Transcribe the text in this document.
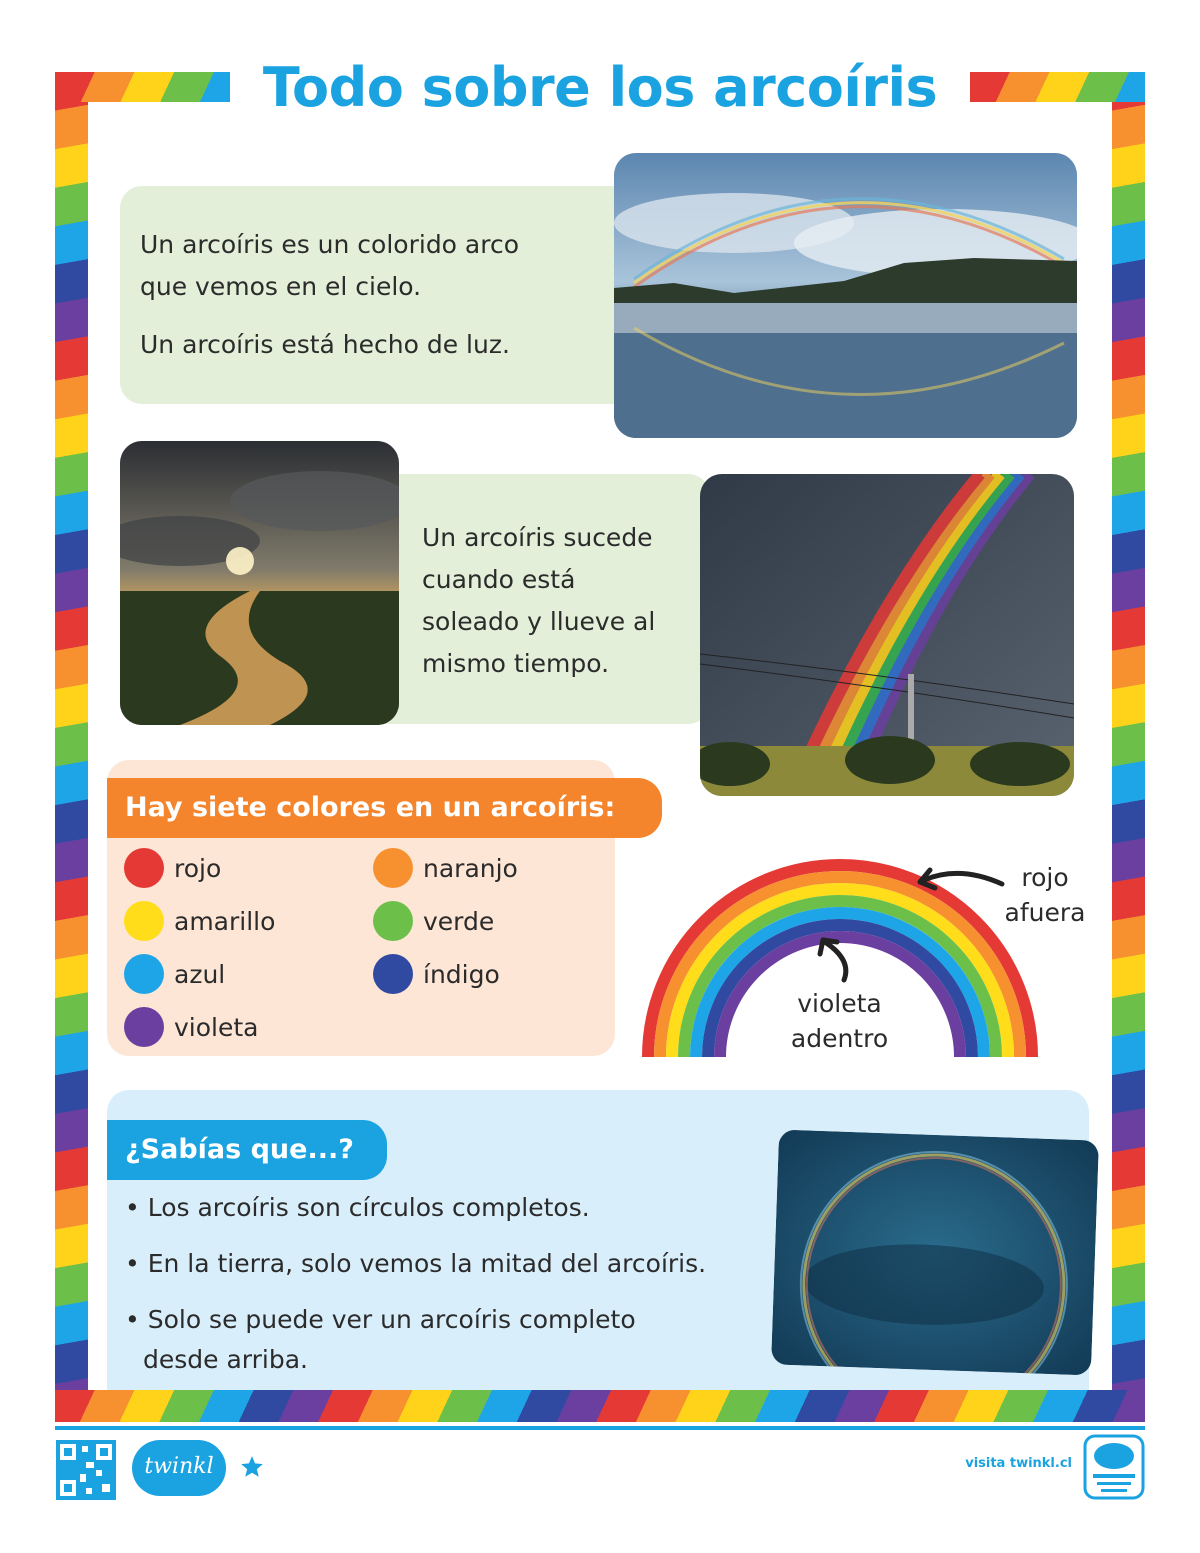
Todo sobre los arcoíris
Un arcoíris es un colorido arco
que vemos en el cielo.
Un arcoíris está hecho de luz.
Un arcoíris sucede
cuando está
soleado y llueve al
mismo tiempo.
Hay siete colores en un arcoíris:
rojo
amarillo
azul
violeta
naranjo
verde
índigo
rojo
afuera
violeta
adentro
¿Sabías que...?
• Los arcoíris son círculos completos.
• En la tierra, solo vemos la mitad del arcoíris.
• Solo se puede ver un arcoíris completo
desde arriba.
twinkl	visita twinkl.cl
